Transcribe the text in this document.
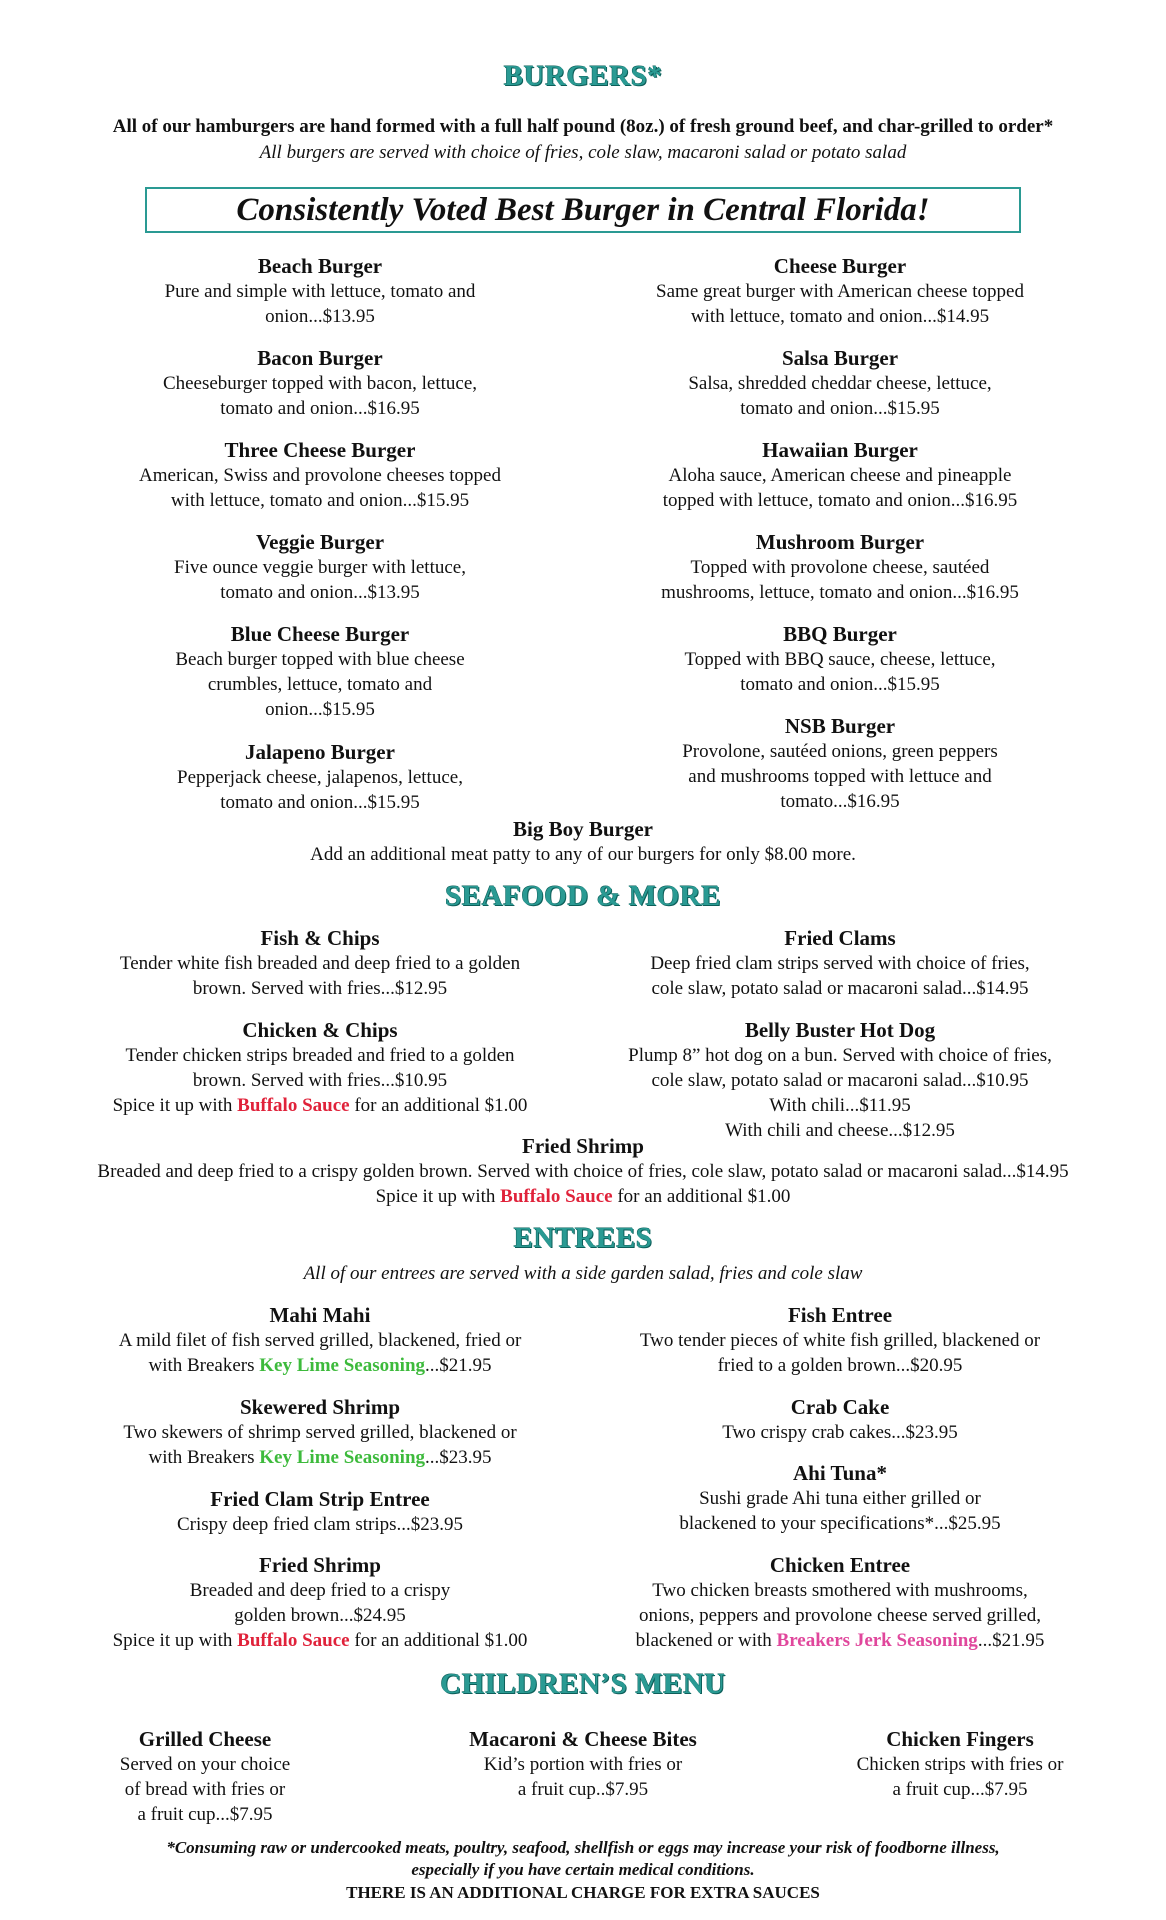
BURGERS*
All of our hamburgers are hand formed with a full half pound (8oz.) of fresh ground beef, and char-grilled to order*
All burgers are served with choice of fries, cole slaw, macaroni salad or potato salad
Consistently Voted Best Burger in Central Florida!
Beach Burger
Pure and simple with lettuce, tomato and
onion...$13.95
Bacon Burger
Cheeseburger topped with bacon, lettuce,
tomato and onion...$16.95
Three Cheese Burger
American, Swiss and provolone cheeses topped
with lettuce, tomato and onion...$15.95
Veggie Burger
Five ounce veggie burger with lettuce,
tomato and onion...$13.95
Blue Cheese Burger
Beach burger topped with blue cheese
crumbles, lettuce, tomato and
onion...$15.95
Jalapeno Burger
Pepperjack cheese, jalapenos, lettuce,
tomato and onion...$15.95
Cheese Burger
Same great burger with American cheese topped
with lettuce, tomato and onion...$14.95
Salsa Burger
Salsa, shredded cheddar cheese, lettuce,
tomato and onion...$15.95
Hawaiian Burger
Aloha sauce, American cheese and pineapple
topped with lettuce, tomato and onion...$16.95
Mushroom Burger
Topped with provolone cheese, sautéed
mushrooms, lettuce, tomato and onion...$16.95
BBQ Burger
Topped with BBQ sauce, cheese, lettuce,
tomato and onion...$15.95
NSB Burger
Provolone, sautéed onions, green peppers
and mushrooms topped with lettuce and
tomato...$16.95
Big Boy Burger
Add an additional meat patty to any of our burgers for only $8.00 more.
SEAFOOD & MORE
Fish & Chips
Tender white fish breaded and deep fried to a golden
brown. Served with fries...$12.95
Fried Clams
Deep fried clam strips served with choice of fries,
cole slaw, potato salad or macaroni salad...$14.95
Chicken & Chips
Tender chicken strips breaded and fried to a golden
brown. Served with fries...$10.95
Spice it up with Buffalo Sauce for an additional $1.00
Belly Buster Hot Dog
Plump 8” hot dog on a bun. Served with choice of fries,
cole slaw, potato salad or macaroni salad...$10.95
With chili...$11.95
With chili and cheese...$12.95
Fried Shrimp
Breaded and deep fried to a crispy golden brown. Served with choice of fries, cole slaw, potato salad or macaroni salad...$14.95
Spice it up with Buffalo Sauce for an additional $1.00
ENTREES
All of our entrees are served with a side garden salad, fries and cole slaw
Mahi Mahi
A mild filet of fish served grilled, blackened, fried or
with Breakers Key Lime Seasoning...$21.95
Skewered Shrimp
Two skewers of shrimp served grilled, blackened or
with Breakers Key Lime Seasoning...$23.95
Fried Clam Strip Entree
Crispy deep fried clam strips...$23.95
Fried Shrimp
Breaded and deep fried to a crispy
golden brown...$24.95
Spice it up with Buffalo Sauce for an additional $1.00
Fish Entree
Two tender pieces of white fish grilled, blackened or
fried to a golden brown...$20.95
Crab Cake
Two crispy crab cakes...$23.95
Ahi Tuna*
Sushi grade Ahi tuna either grilled or
blackened to your specifications*...$25.95
Chicken Entree
Two chicken breasts smothered with mushrooms,
onions, peppers and provolone cheese served grilled,
blackened or with Breakers Jerk Seasoning...$21.95
CHILDREN’S MENU
Grilled Cheese
Served on your choice
of bread with fries or
a fruit cup...$7.95
Macaroni & Cheese Bites
Kid’s portion with fries or
a fruit cup..$7.95
Chicken Fingers
Chicken strips with fries or
a fruit cup...$7.95
*Consuming raw or undercooked meats, poultry, seafood, shellfish or eggs may increase your risk of foodborne illness,
especially if you have certain medical conditions.
THERE IS AN ADDITIONAL CHARGE FOR EXTRA SAUCES
